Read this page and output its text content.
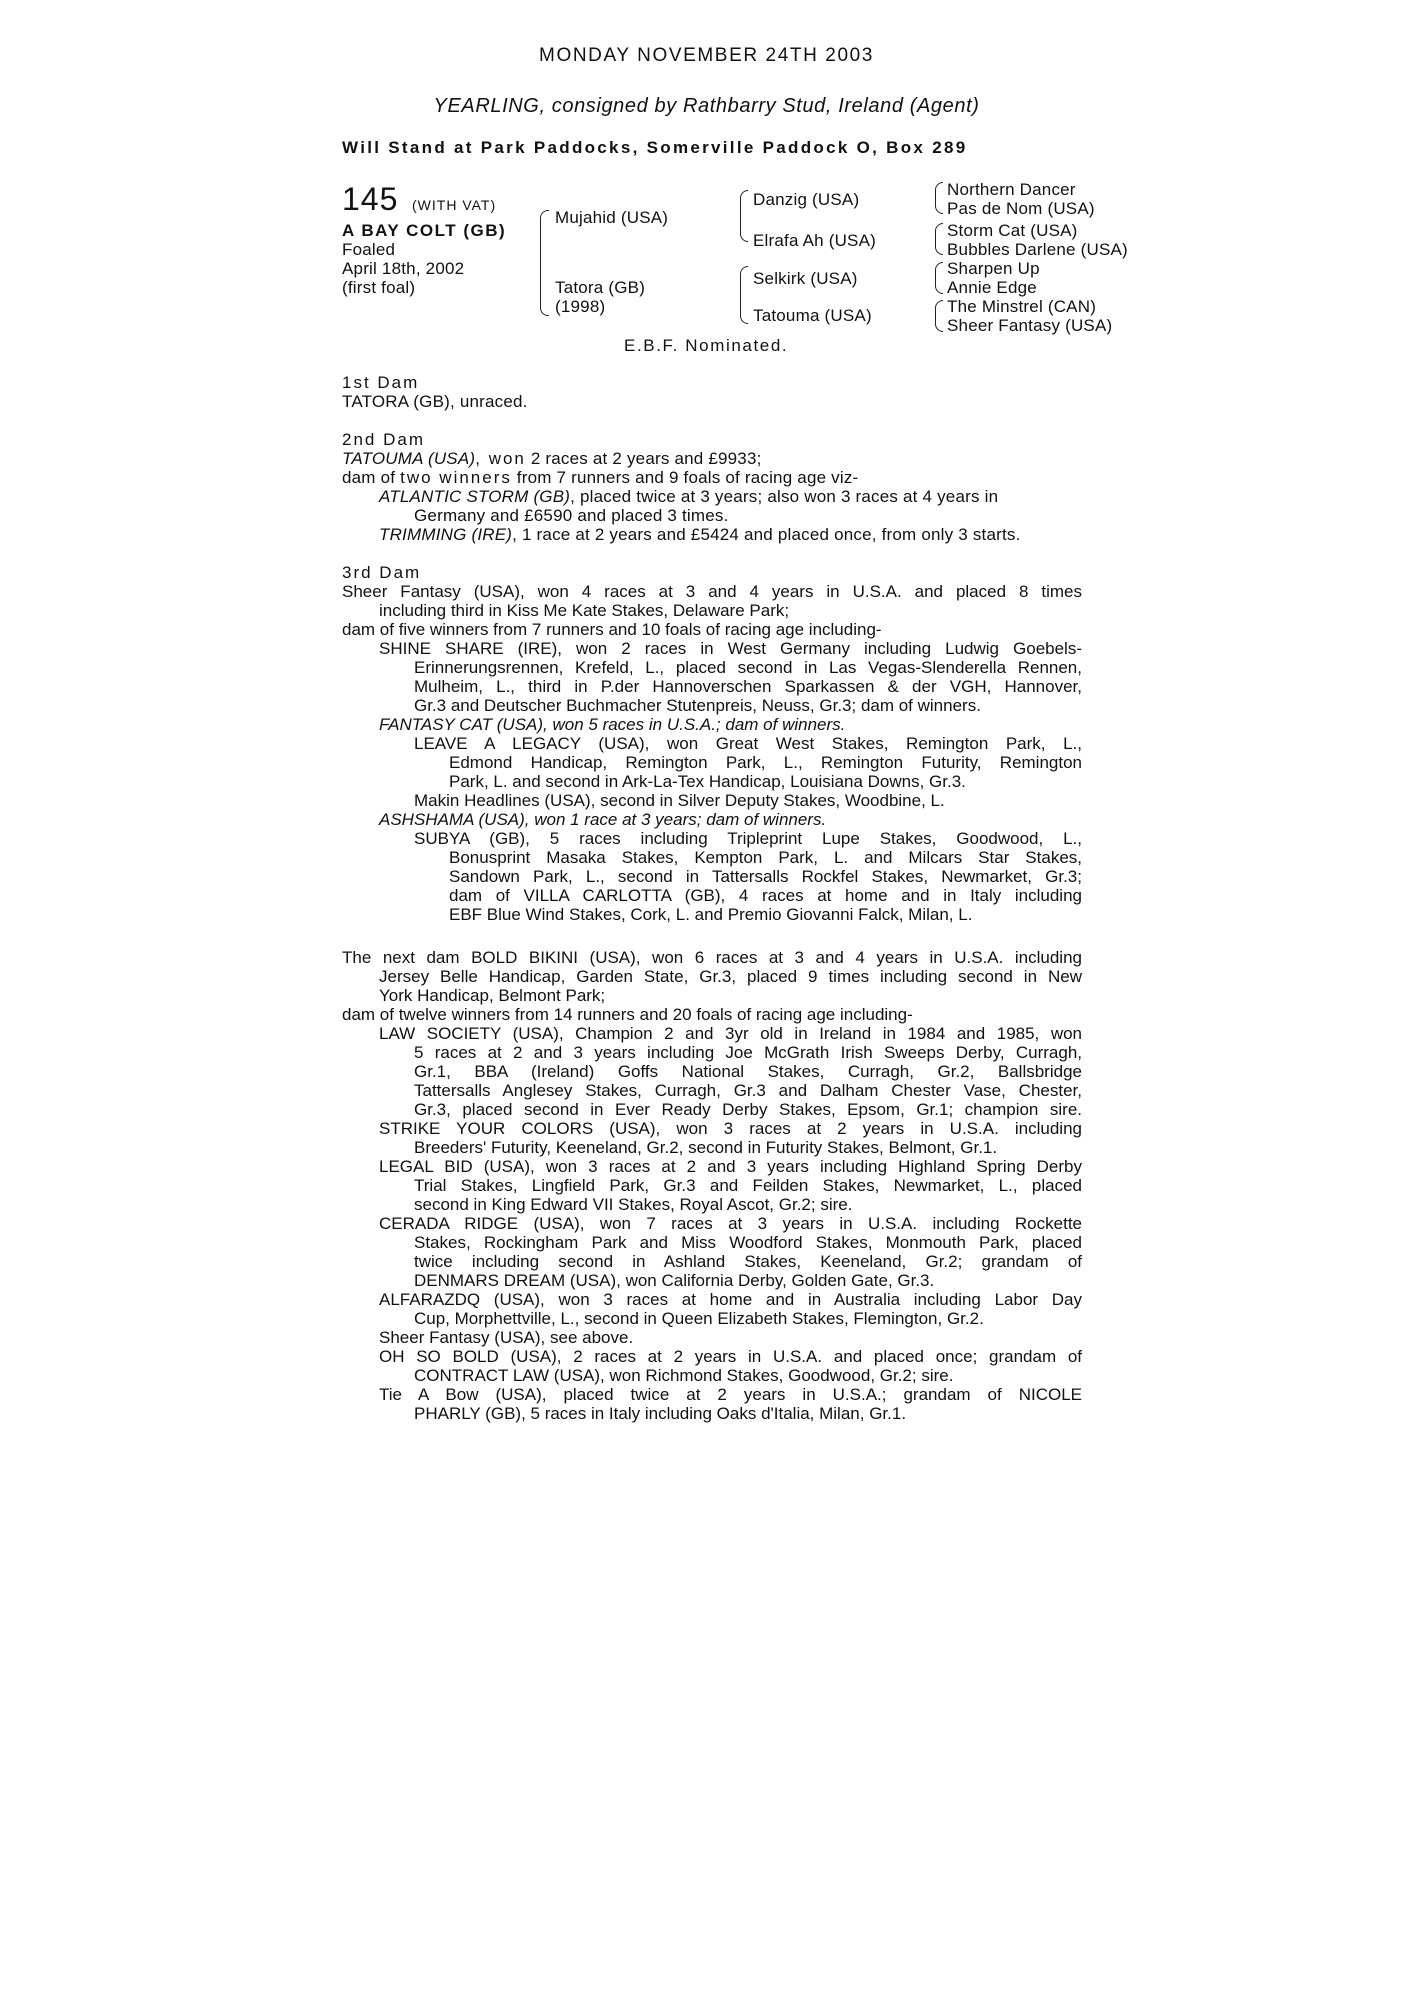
MONDAY NOVEMBER 24TH 2003
YEARLING, consigned by Rathbarry Stud, Ireland (Agent)
Will Stand at Park Paddocks, Somerville Paddock O, Box 289
145 (WITH VAT)
A BAY COLT (GB)
Foaled
April 18th, 2002
(first foal)
Mujahid (USA)
Tatora (GB)
(1998)
Danzig (USA)
Elrafa Ah (USA)
Selkirk (USA)
Tatouma (USA)
Northern Dancer
Pas de Nom (USA)
Storm Cat (USA)
Bubbles Darlene (USA)
Sharpen Up
Annie Edge
The Minstrel (CAN)
Sheer Fantasy (USA)
E.B.F. Nominated.
1st Dam
TATORA (GB), unraced.
2nd Dam
TATOUMA (USA), won 2 races at 2 years and £9933;
dam of two winners from 7 runners and 9 foals of racing age viz-
ATLANTIC STORM (GB), placed twice at 3 years; also won 3 races at 4 years in
Germany and £6590 and placed 3 times.
TRIMMING (IRE), 1 race at 2 years and £5424 and placed once, from only 3 starts.
3rd Dam
Sheer Fantasy (USA), won 4 races at 3 and 4 years in U.S.A. and placed 8 times
including third in Kiss Me Kate Stakes, Delaware Park;
dam of five winners from 7 runners and 10 foals of racing age including-
SHINE SHARE (IRE), won 2 races in West Germany including Ludwig Goebels-
Erinnerungsrennen, Krefeld, L., placed second in Las Vegas-Slenderella Rennen,
Mulheim, L., third in P.der Hannoverschen Sparkassen & der VGH, Hannover,
Gr.3 and Deutscher Buchmacher Stutenpreis, Neuss, Gr.3; dam of winners.
FANTASY CAT (USA), won 5 races in U.S.A.; dam of winners.
LEAVE A LEGACY (USA), won Great West Stakes, Remington Park, L.,
Edmond Handicap, Remington Park, L., Remington Futurity, Remington
Park, L. and second in Ark-La-Tex Handicap, Louisiana Downs, Gr.3.
Makin Headlines (USA), second in Silver Deputy Stakes, Woodbine, L.
ASHSHAMA (USA), won 1 race at 3 years; dam of winners.
SUBYA (GB), 5 races including Tripleprint Lupe Stakes, Goodwood, L.,
Bonusprint Masaka Stakes, Kempton Park, L. and Milcars Star Stakes,
Sandown Park, L., second in Tattersalls Rockfel Stakes, Newmarket, Gr.3;
dam of VILLA CARLOTTA (GB), 4 races at home and in Italy including
EBF Blue Wind Stakes, Cork, L. and Premio Giovanni Falck, Milan, L.
The next dam BOLD BIKINI (USA), won 6 races at 3 and 4 years in U.S.A. including
Jersey Belle Handicap, Garden State, Gr.3, placed 9 times including second in New
York Handicap, Belmont Park;
dam of twelve winners from 14 runners and 20 foals of racing age including-
LAW SOCIETY (USA), Champion 2 and 3yr old in Ireland in 1984 and 1985, won
5 races at 2 and 3 years including Joe McGrath Irish Sweeps Derby, Curragh,
Gr.1, BBA (Ireland) Goffs National Stakes, Curragh, Gr.2, Ballsbridge
Tattersalls Anglesey Stakes, Curragh, Gr.3 and Dalham Chester Vase, Chester,
Gr.3, placed second in Ever Ready Derby Stakes, Epsom, Gr.1; champion sire.
STRIKE YOUR COLORS (USA), won 3 races at 2 years in U.S.A. including
Breeders' Futurity, Keeneland, Gr.2, second in Futurity Stakes, Belmont, Gr.1.
LEGAL BID (USA), won 3 races at 2 and 3 years including Highland Spring Derby
Trial Stakes, Lingfield Park, Gr.3 and Feilden Stakes, Newmarket, L., placed
second in King Edward VII Stakes, Royal Ascot, Gr.2; sire.
CERADA RIDGE (USA), won 7 races at 3 years in U.S.A. including Rockette
Stakes, Rockingham Park and Miss Woodford Stakes, Monmouth Park, placed
twice including second in Ashland Stakes, Keeneland, Gr.2; grandam of
DENMARS DREAM (USA), won California Derby, Golden Gate, Gr.3.
ALFARAZDQ (USA), won 3 races at home and in Australia including Labor Day
Cup, Morphettville, L., second in Queen Elizabeth Stakes, Flemington, Gr.2.
Sheer Fantasy (USA), see above.
OH SO BOLD (USA), 2 races at 2 years in U.S.A. and placed once; grandam of
CONTRACT LAW (USA), won Richmond Stakes, Goodwood, Gr.2; sire.
Tie A Bow (USA), placed twice at 2 years in U.S.A.; grandam of NICOLE
PHARLY (GB), 5 races in Italy including Oaks d'Italia, Milan, Gr.1.
